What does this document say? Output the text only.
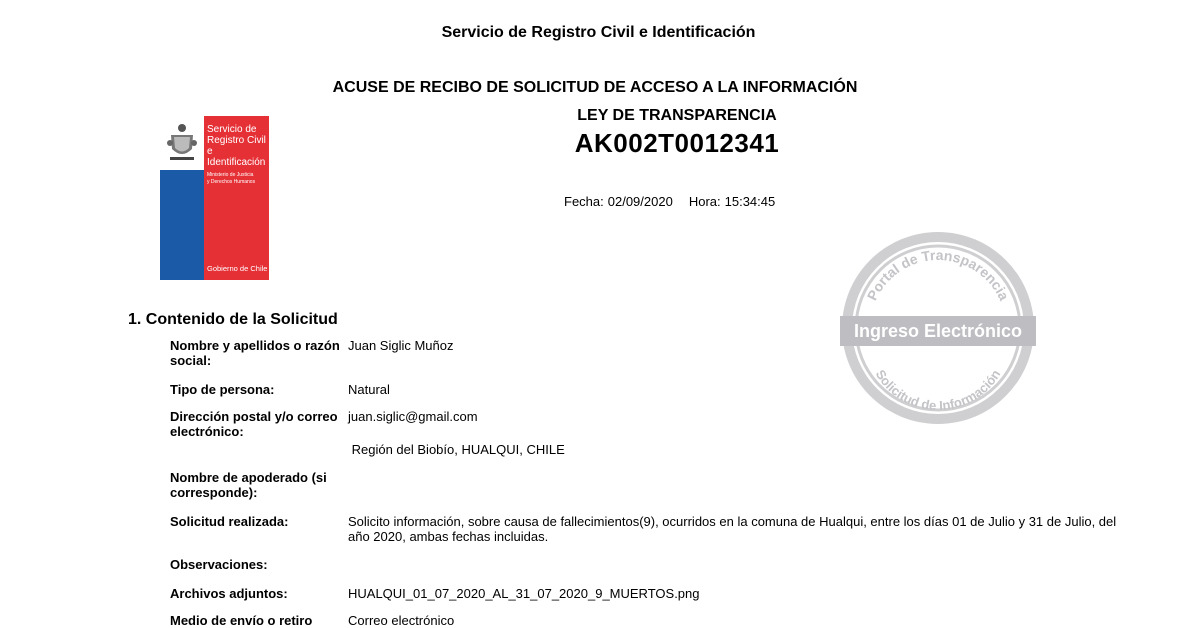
Servicio de Registro Civil e Identificación
ACUSE DE RECIBO DE SOLICITUD DE ACCESO A LA INFORMACIÓN
LEY DE TRANSPARENCIA
AK002T0012341
Fecha: 02/09/2020 Hora: 15:34:45
Servicio de
Registro Civil e
Identificación
Ministerio de Justicia
y Derechos Humanos
Gobierno de Chile
Portal de Transparencia
Solicitud de Información
Ingreso Electrónico
1. Contenido de la Solicitud
Nombre y apellidos o razón social:
Juan Siglic Muñoz
Tipo de persona:	Natural
Dirección postal y/o correo electrónico:
juan.siglic@gmail.com
Región del Biobío, HUALQUI, CHILE
Nombre de apoderado (si corresponde):
Solicitud realizada:	Solicito información, sobre causa de fallecimientos(9), ocurridos en la comuna de Hualqui, entre los días 01 de Julio y 31 de Julio, del año 2020, ambas fechas incluidas.
Observaciones:
Archivos adjuntos:	HUALQUI_01_07_2020_AL_31_07_2020_9_MUERTOS.png
Medio de envío o retiro	Correo electrónico
